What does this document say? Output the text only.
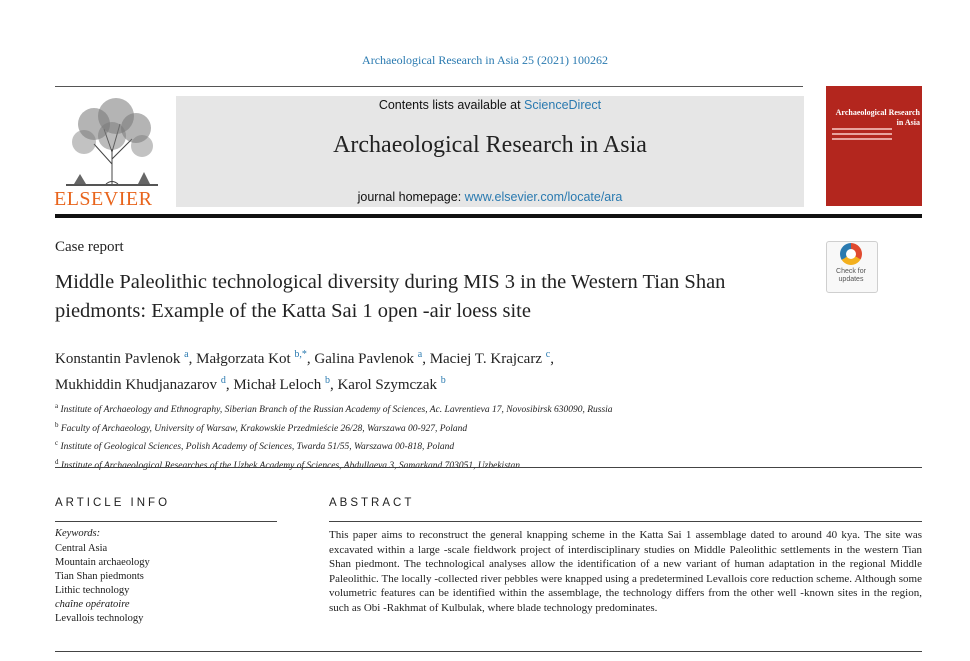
Archaeological Research in Asia 25 (2021) 100262
ELSEVIER
Contents lists available at ScienceDirect
Archaeological Research in Asia
journal homepage: www.elsevier.com/locate/ara
Archaeological Research in Asia
Case report
Middle Paleolithic technological diversity during MIS 3 in the Western Tian Shan piedmonts: Example of the Katta Sai 1 open -air loess site
Check for updates
Konstantin Pavlenok $^a$, Małgorzata Kot $^{b,*}$, Galina Pavlenok $^a$, Maciej T. Krajcarz $^c$,
Mukhiddin Khudjanazarov $^d$, Michał Leloch $^b$, Karol Szymczak $^b$
$^a$ Institute of Archaeology and Ethnography, Siberian Branch of the Russian Academy of Sciences, Ac. Lavrentieva 17, Novosibirsk 630090, Russia
$^b$ Faculty of Archaeology, University of Warsaw, Krakowskie Przedmieście 26/28, Warszawa 00-927, Poland
$^c$ Institute of Geological Sciences, Polish Academy of Sciences, Twarda 51/55, Warszawa 00-818, Poland
$^d$
ARTICLE INFO	ABSTRACT
Keywords:
Central Asia
Mountain archaeology
Tian Shan piedmonts
Lithic technology
chaîne opératoire
Levallois technology
This paper aims to reconstruct the general knapping scheme in the Katta Sai 1 assemblage dated to around 40 kya. The site was excavated within a large -scale fieldwork project of interdisciplinary studies on Middle Paleolithic settlements in the western Tian Shan piedmont. The technological analyses allow the identification of a new variant of human adaptation in the regional Middle Paleolithic. The locally -collected river pebbles were knapped using a predetermined Levallois core reduction scheme. Although some volumetric features can be identified within the assemblage, the technology differs from the other well -known sites in the region, such as Obi -Rakhmat of Kulbulak, where blade technology predominates.
